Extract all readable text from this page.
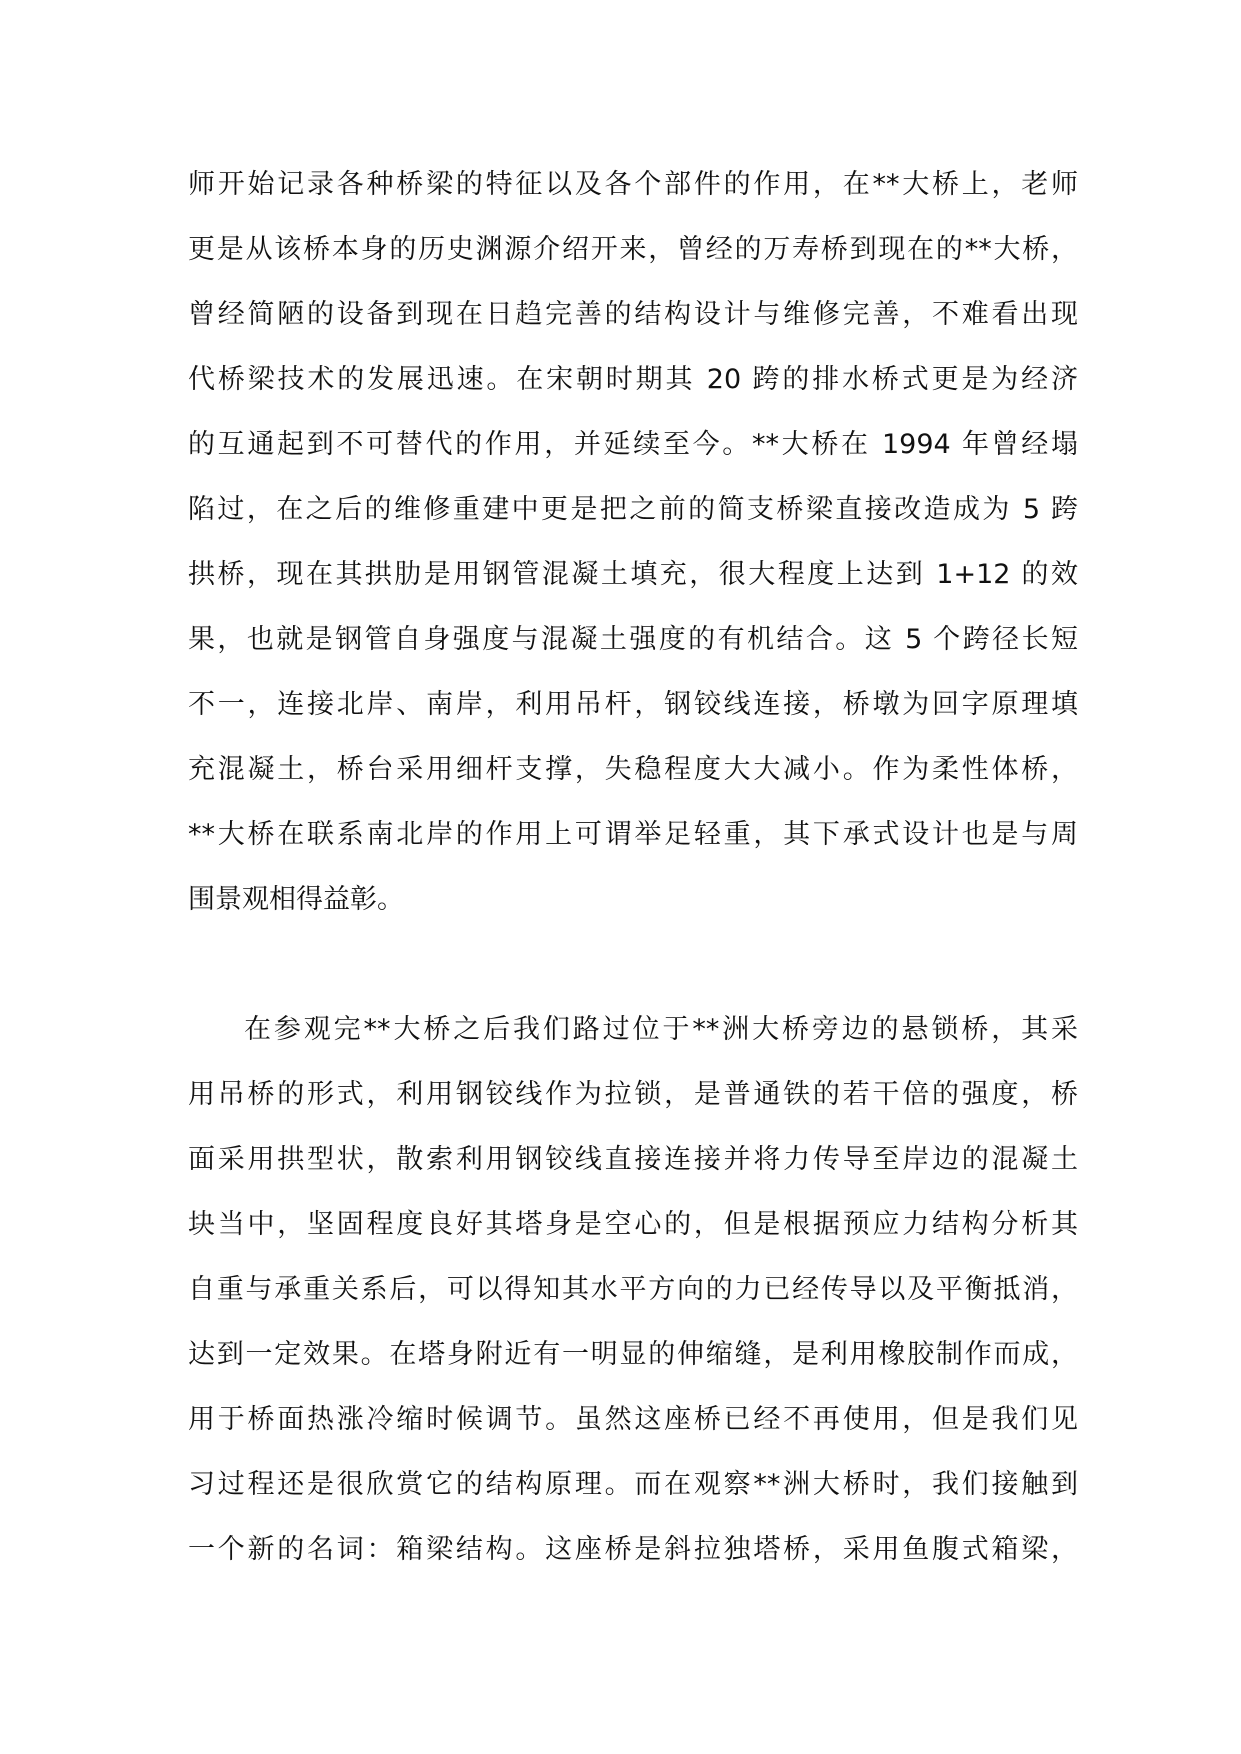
师开始记录各种桥梁的特征以及各个部件的作用，在**大桥上，老师
更是从该桥本身的历史渊源介绍开来，曾经的万寿桥到现在的**大桥，
曾经简陋的设备到现在日趋完善的结构设计与维修完善，不难看出现
代桥梁技术的发展迅速。在宋朝时期其 20 跨的排水桥式更是为经济
的互通起到不可替代的作用，并延续至今。**大桥在 1994 年曾经塌
陷过，在之后的维修重建中更是把之前的简支桥梁直接改造成为 5 跨
拱桥，现在其拱肋是用钢管混凝土填充，很大程度上达到 1+12 的效
果，也就是钢管自身强度与混凝土强度的有机结合。这 5 个跨径长短
不一，连接北岸、南岸，利用吊杆，钢铰线连接，桥墩为回字原理填
充混凝土，桥台采用细杆支撑，失稳程度大大减小。作为柔性体桥，
**大桥在联系南北岸的作用上可谓举足轻重，其下承式设计也是与周
围景观相得益彰。
在参观完**大桥之后我们路过位于**洲大桥旁边的悬锁桥，其采
用吊桥的形式，利用钢铰线作为拉锁，是普通铁的若干倍的强度，桥
面采用拱型状，散索利用钢铰线直接连接并将力传导至岸边的混凝土
块当中，坚固程度良好其塔身是空心的，但是根据预应力结构分析其
自重与承重关系后，可以得知其水平方向的力已经传导以及平衡抵消，
达到一定效果。在塔身附近有一明显的伸缩缝，是利用橡胶制作而成，
用于桥面热涨冷缩时候调节。虽然这座桥已经不再使用，但是我们见
习过程还是很欣赏它的结构原理。而在观察**洲大桥时，我们接触到
一个新的名词：箱梁结构。这座桥是斜拉独塔桥，采用鱼腹式箱梁，
